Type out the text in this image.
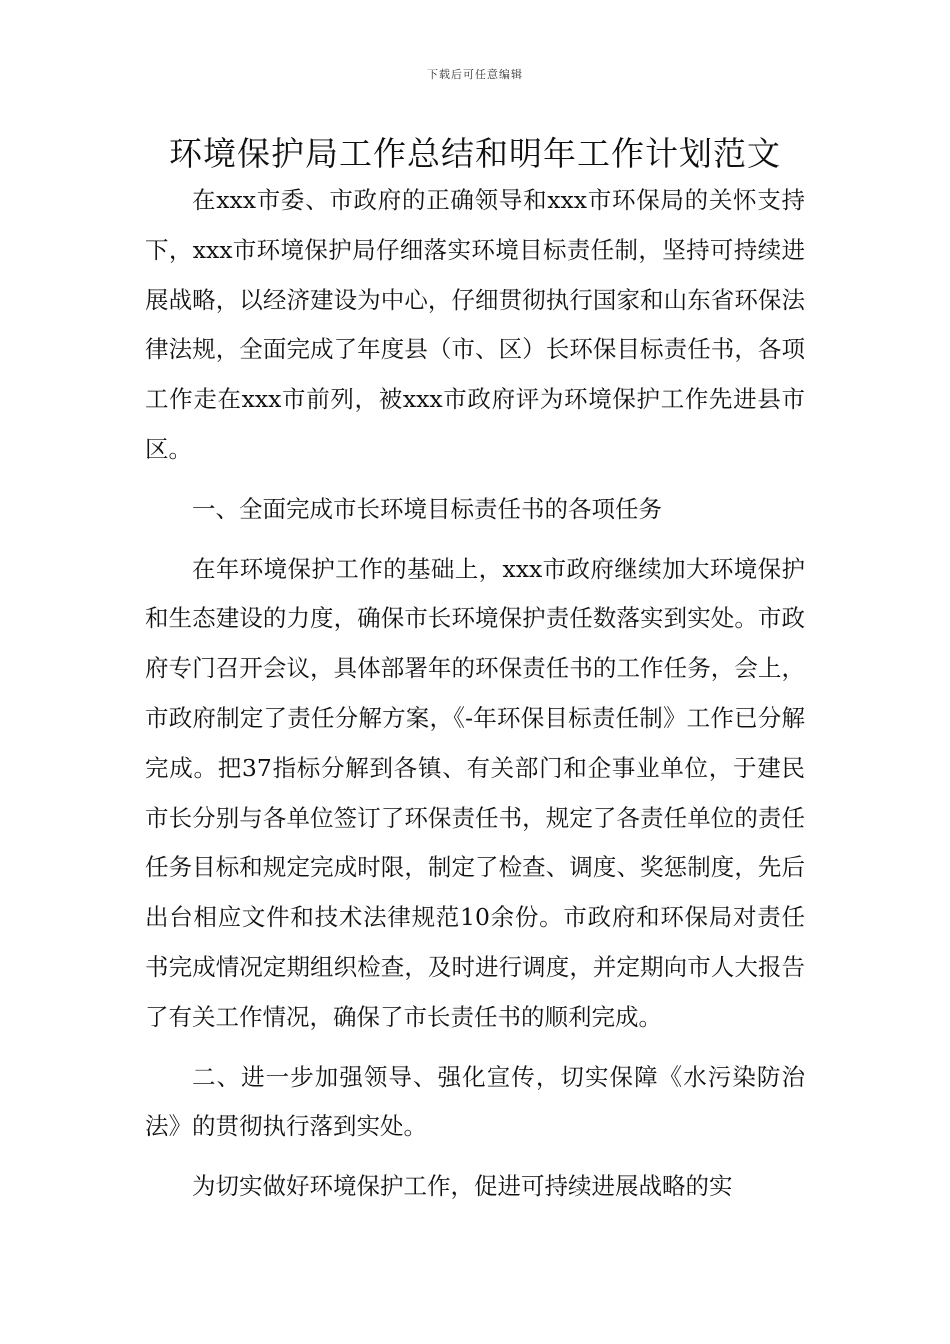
下载后可任意编辑
环境保护局工作总结和明年工作计划范文

在xxx市委、市政府的正确领导和xxx市环保局的关怀支持下，xxx市环境保护局仔细落实环境目标责任制，坚持可持续进展战略，以经济建设为中心，仔细贯彻执行国家和山东省环保法律法规，全面完成了年度县（市、区）长环保目标责任书，各项工作走在xxx市前列，被xxx市政府评为环境保护工作先进县市区。

一、全面完成市长环境目标责任书的各项任务

在年环境保护工作的基础上，xxx市政府继续加大环境保护和生态建设的力度，确保市长环境保护责任数落实到实处。市政府专门召开会议，具体部署年的环保责任书的工作任务，会上，市政府制定了责任分解方案，《-年环保目标责任制》工作已分解完成。把37指标分解到各镇、有关部门和企事业单位，于建民市长分别与各单位签订了环保责任书，规定了各责任单位的责任任务目标和规定完成时限，制定了检查、调度、奖惩制度，先后出台相应文件和技术法律规范10余份。市政府和环保局对责任书完成情况定期组织检查，及时进行调度，并定期向市人大报告了有关工作情况，确保了市长责任书的顺利完成。

二、进一步加强领导、强化宣传，切实保障《水污染防治法》的贯彻执行落到实处。

为切实做好环境保护工作，促进可持续进展战略的实
